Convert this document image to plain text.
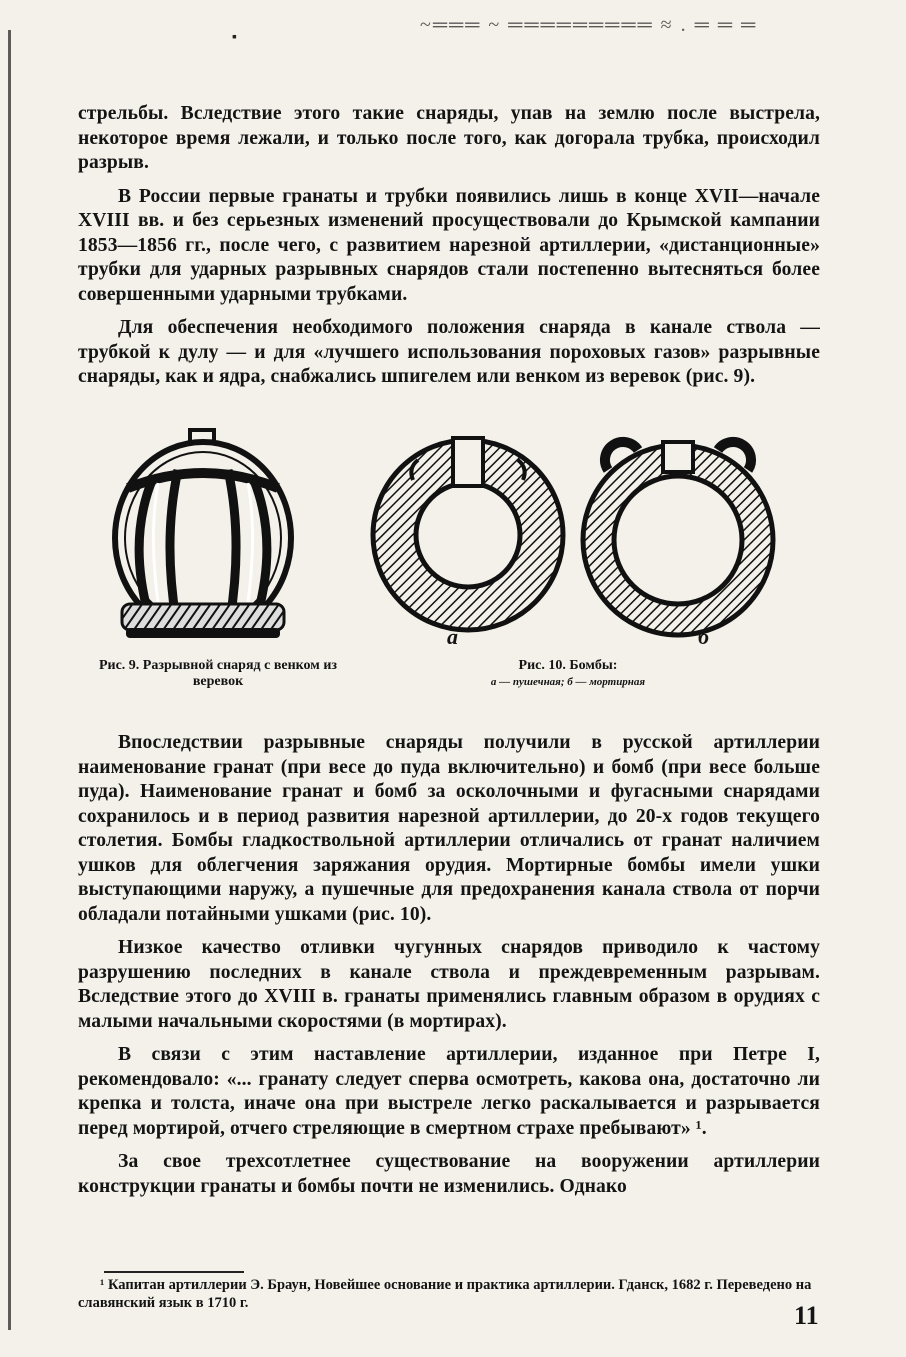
~═══ ~ ═════════ ≈ . ═ ═ ═
▪

стрельбы. Вследствие этого такие снаряды, упав на землю после выстрела, некоторое время лежали, и только после того, как догорала трубка, происходил разрыв.

В России первые гранаты и трубки появились лишь в конце XVII—начале XVIII вв. и без серьезных изменений просуществовали до Крымской кампании 1853—1856 гг., после чего, с развитием нарезной артиллерии, «дистанционные» трубки для ударных разрывных снарядов стали постепенно вытесняться более совершенными ударными трубками.

Для обеспечения необходимого положения снаряда в канале ствола — трубкой к дулу — и для «лучшего использования пороховых газов» разрывные снаряды, как и ядра, снабжались шпигелем или венком из веревок (рис. 9).

а	б
Рис. 9. Разрывной снаряд с венком из веревок
Рис. 10. Бомбы:
а — пушечная; б — мортирная

Впоследствии разрывные снаряды получили в русской артиллерии наименование гранат (при весе до пуда включительно) и бомб (при весе больше пуда). Наименование гранат и бомб за осколочными и фугасными снарядами сохранилось и в период развития нарезной артиллерии, до 20-х годов текущего столетия. Бомбы гладкоствольной артиллерии отличались от гранат наличием ушков для облегчения заряжания орудия. Мортирные бомбы имели ушки выступающими наружу, а пушечные для предохранения канала ствола от порчи обладали потайными ушками (рис. 10).

Низкое качество отливки чугунных снарядов приводило к частому разрушению последних в канале ствола и преждевременным разрывам. Вследствие этого до XVIII в. гранаты применялись главным образом в орудиях с малыми начальными скоростями (в мортирах).

В связи с этим наставление артиллерии, изданное при Петре I, рекомендовало: «... гранату следует сперва осмотреть, какова она, достаточно ли крепка и толста, иначе она при выстреле легко раскалывается и разрывается перед мортирой, отчего стреляющие в смертном страхе пребывают» ¹.

За свое трехсотлетнее существование на вооружении артиллерии конструкции гранаты и бомбы почти не изменились. Однако

¹ Капитан артиллерии Э. Браун, Новейшее основание и практика артиллерии. Гданск, 1682 г. Переведено на славянский язык в 1710 г.	11
